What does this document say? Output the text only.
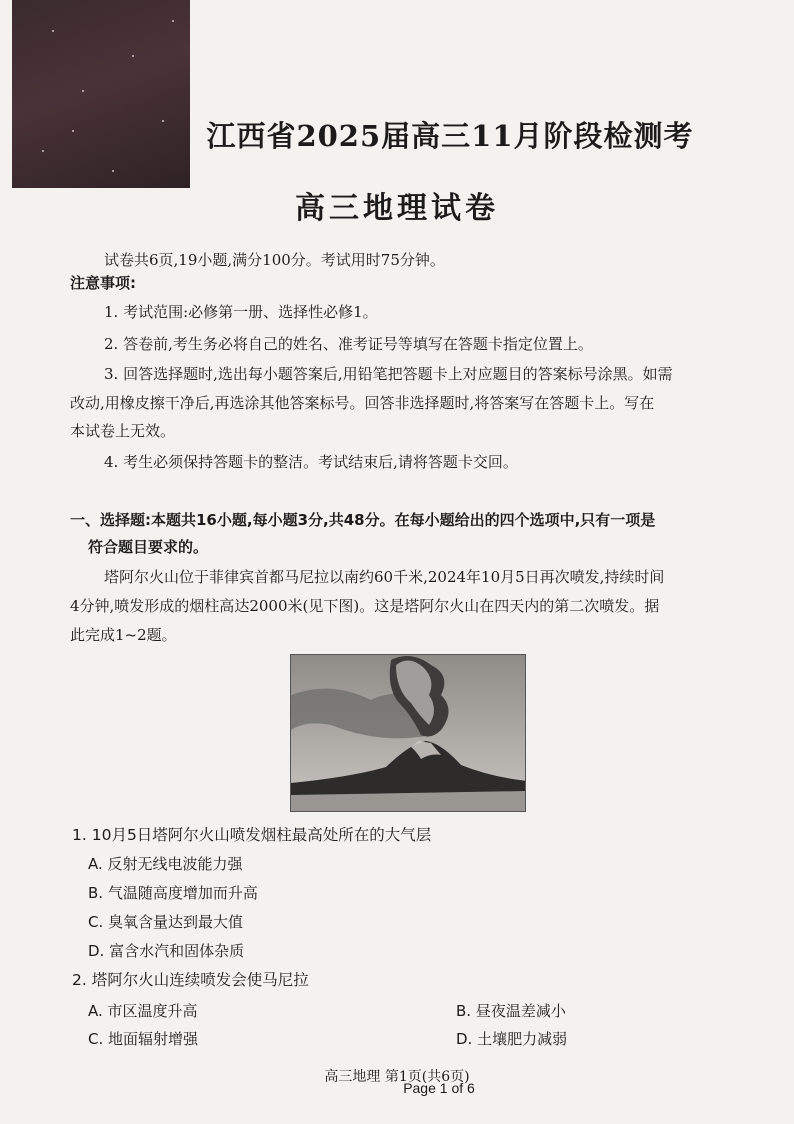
江西省2025届高三11月阶段检测考
高三地理试卷
试卷共6页,19小题,满分100分。考试用时75分钟。
注意事项:
1. 考试范围:必修第一册、选择性必修1。
2. 答卷前,考生务必将自己的姓名、准考证号等填写在答题卡指定位置上。
3. 回答选择题时,选出每小题答案后,用铅笔把答题卡上对应题目的答案标号涂黑。如需
改动,用橡皮擦干净后,再选涂其他答案标号。回答非选择题时,将答案写在答题卡上。写在
本试卷上无效。
4. 考生必须保持答题卡的整洁。考试结束后,请将答题卡交回。
一、选择题:本题共16小题,每小题3分,共48分。在每小题给出的四个选项中,只有一项是
符合题目要求的。
塔阿尔火山位于菲律宾首都马尼拉以南约60千米,2024年10月5日再次喷发,持续时间
4分钟,喷发形成的烟柱高达2000米(见下图)。这是塔阿尔火山在四天内的第二次喷发。据
此完成1~2题。
1. 10月5日塔阿尔火山喷发烟柱最高处所在的大气层
A. 反射无线电波能力强
B. 气温随高度增加而升高
C. 臭氧含量达到最大值
D. 富含水汽和固体杂质
2. 塔阿尔火山连续喷发会使马尼拉
A. 市区温度升高	B. 昼夜温差减小
C. 地面辐射增强	D. 土壤肥力减弱
高三地理 第1页(共6页)
Page 1 of 6
